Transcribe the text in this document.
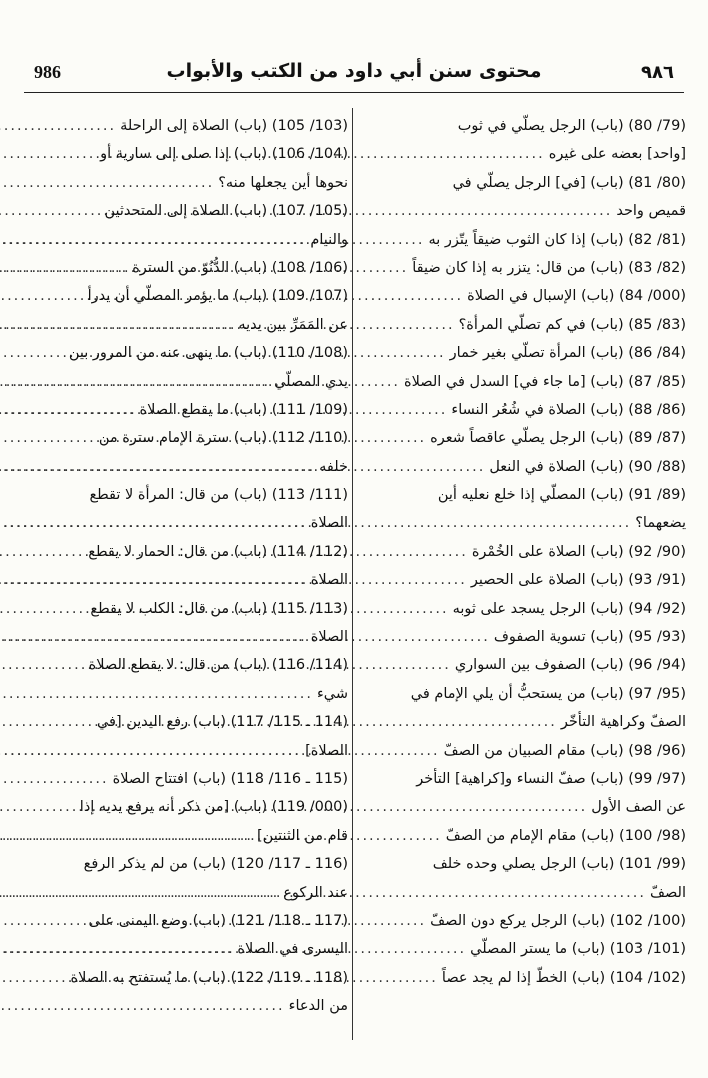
986	محتوى سنن أبي داود من الكتب والأبواب	٩٨٦
(79/ 80) (باب) الرجل يصلّي في ثوب
[واحد] بعضه على غيره
.....
(80/ 81) (باب) [في] الرجل يصلّي في
قميص واحد
.....
(81/ 82) (باب) إذا كان الثوب ضيقاً يتّزر به
.....
(82/ 83) (باب) من قال: يتزر به إذا كان ضيقاً
.....
(000/ 84) (باب) الإسبال في الصلاة
.....
(83/ 85) (باب) في كم تصلّي المرأة؟
.....
(84/ 86) (باب) المرأة تصلّي بغير خمار
.....
(85/ 87) (باب) [ما جاء في] السدل في الصلاة
.....
(86/ 88) (باب) الصلاة في شُعُر النساء
.....
(87/ 89) (باب) الرجل يصلّي عاقصاً شعره
.....
(88/ 90) (باب) الصلاة في النعل
.....
(89/ 91) (باب) المصلّي إذا خلع نعليه أين
يضعهما؟
.....
(90/ 92) (باب) الصلاة على الخُمْرة
.....
(91/ 93) (باب) الصلاة على الحصير
.....
(92/ 94) (باب) الرجل يسجد على ثوبه
.....
(93/ 95) (باب) تسوية الصفوف
.....
(94/ 96) (باب) الصفوف بين السواري
.....
(95/ 97) (باب) من يستحبُّ أن يلي الإمام في
الصفّ وكراهية التأخّر
.....
(96/ 98) (باب) مقام الصبيان من الصفّ
.....
(97/ 99) (باب) صفّ النساء و[كراهية] التأخر
عن الصف الأول
.....
(98/ 100) (باب) مقام الإمام من الصفّ
.....
(99/ 101) (باب) الرجل يصلي وحده خلف
الصفّ
.....
(100/ 102) (باب) الرجل يركع دون الصفّ
.....
(101/ 103) (باب) ما يستر المصلّي
.....
(102/ 104) (باب) الخطّ إذا لم يجد عصاً
.....
(103/ 105) (باب) الصلاة إلى الراحلة
.....
(104/ 106) (باب) إذا صلى إلى سارية أو
نحوها أين يجعلها منه؟
.....
(105/ 107) (باب) الصلاة إلى المتحدثين
والنيام
.....
(106/ 108) (باب) الدُّنُوّ من السترة
.....
(107/ 109) (باب) ما يؤمر المصلّي أن يدرأ
عن المَمَرِّ بين يديه
.....
(108/ 110) (باب) ما ينهى عنه من المرور بين
يدي المصلّي
.....
(109/ 111) (باب) ما يقطع الصلاة
.....
(110/ 112) (باب) سترة الإمام سترة من
خلفه
.....
(111/ 113) (باب) من قال: المرأة لا تقطع
الصلاة
.....
(112/ 114) (باب) من قال: الحمار لا يقطع
الصلاة
.....
(113/ 115) (باب) من قال: الكلب لا يقطع
الصلاة
.....
(114/ 116) (باب) من قال: لا يقطع الصلاة
شيء
.....
(114 ـ 115/ 117) (باب) رفع اليدين [في
الصلاة]
.....
(115 ـ 116/ 118) (باب) افتتاح الصلاة
.....
(000/ 119) (باب) [من ذكر أنه يرفع يديه إذا
قام من الثنتين]
.....
(116 ـ 117/ 120) (باب) من لم يذكر الرفع
عند الركوع
.....
(117 ـ 118/ 121) (باب) وضع اليمنى على
اليسرى في الصلاة
.....
(118 ـ 119/ 122) (باب) ما يُستفتح به الصلاة
من الدعاء
.....
